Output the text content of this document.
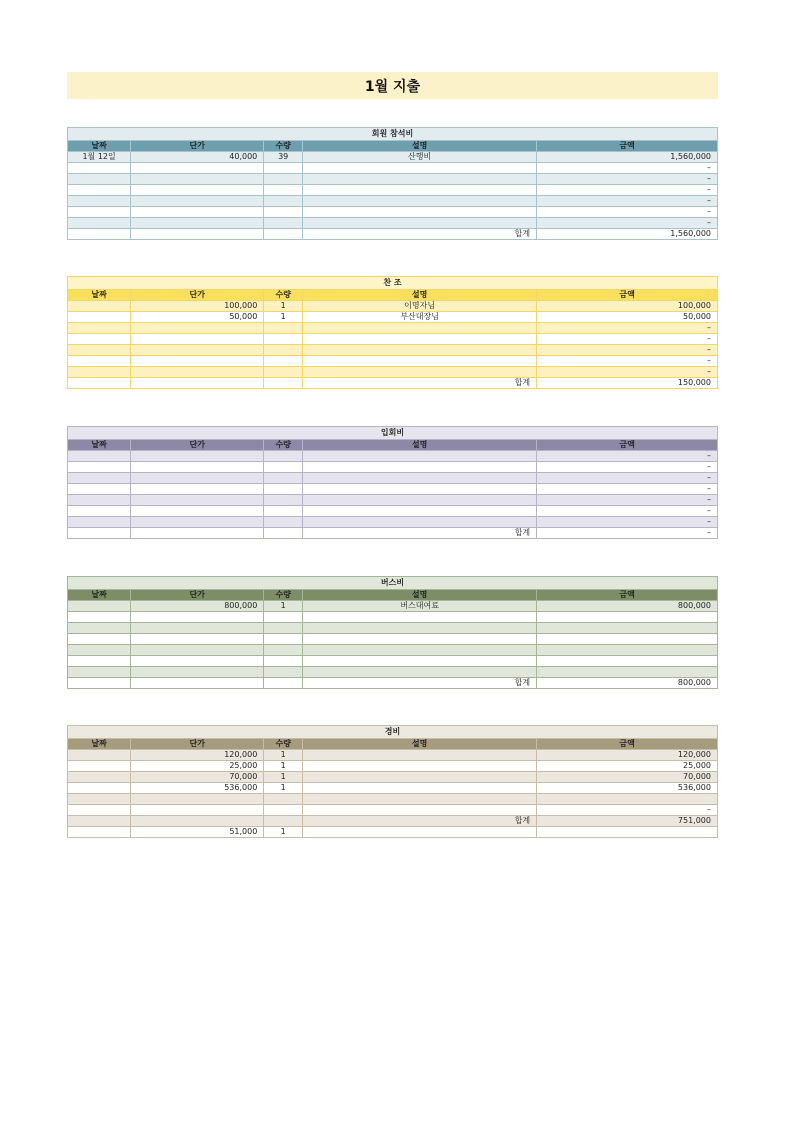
1월 지출
회원 참석비				
날짜	단가	수량	설명	금액
1월 12일	40,000	39	산행비	1,560,000
				–
				–
				–
				–
				–
				–
			합계	1,560,000
찬 조				
날짜	단가	수량	설명	금액
	100,000	1	이명자님	100,000
	50,000	1	부산대장님	50,000
				–
				–
				–
				–
				–
			합계	150,000
입회비				
날짜	단가	수량	설명	금액
				–
				–
				–
				–
				–
				–
				–
			합계	–
버스비				
날짜	단가	수량	설명	금액
	800,000	1	버스대여료	800,000

			합계	800,000
경비				
날짜	단가	수량	설명	금액
	120,000	1		120,000
	25,000	1		25,000
	70,000	1		70,000
	536,000	1		536,000

				–
			합계	751,000
	51,000	1		
